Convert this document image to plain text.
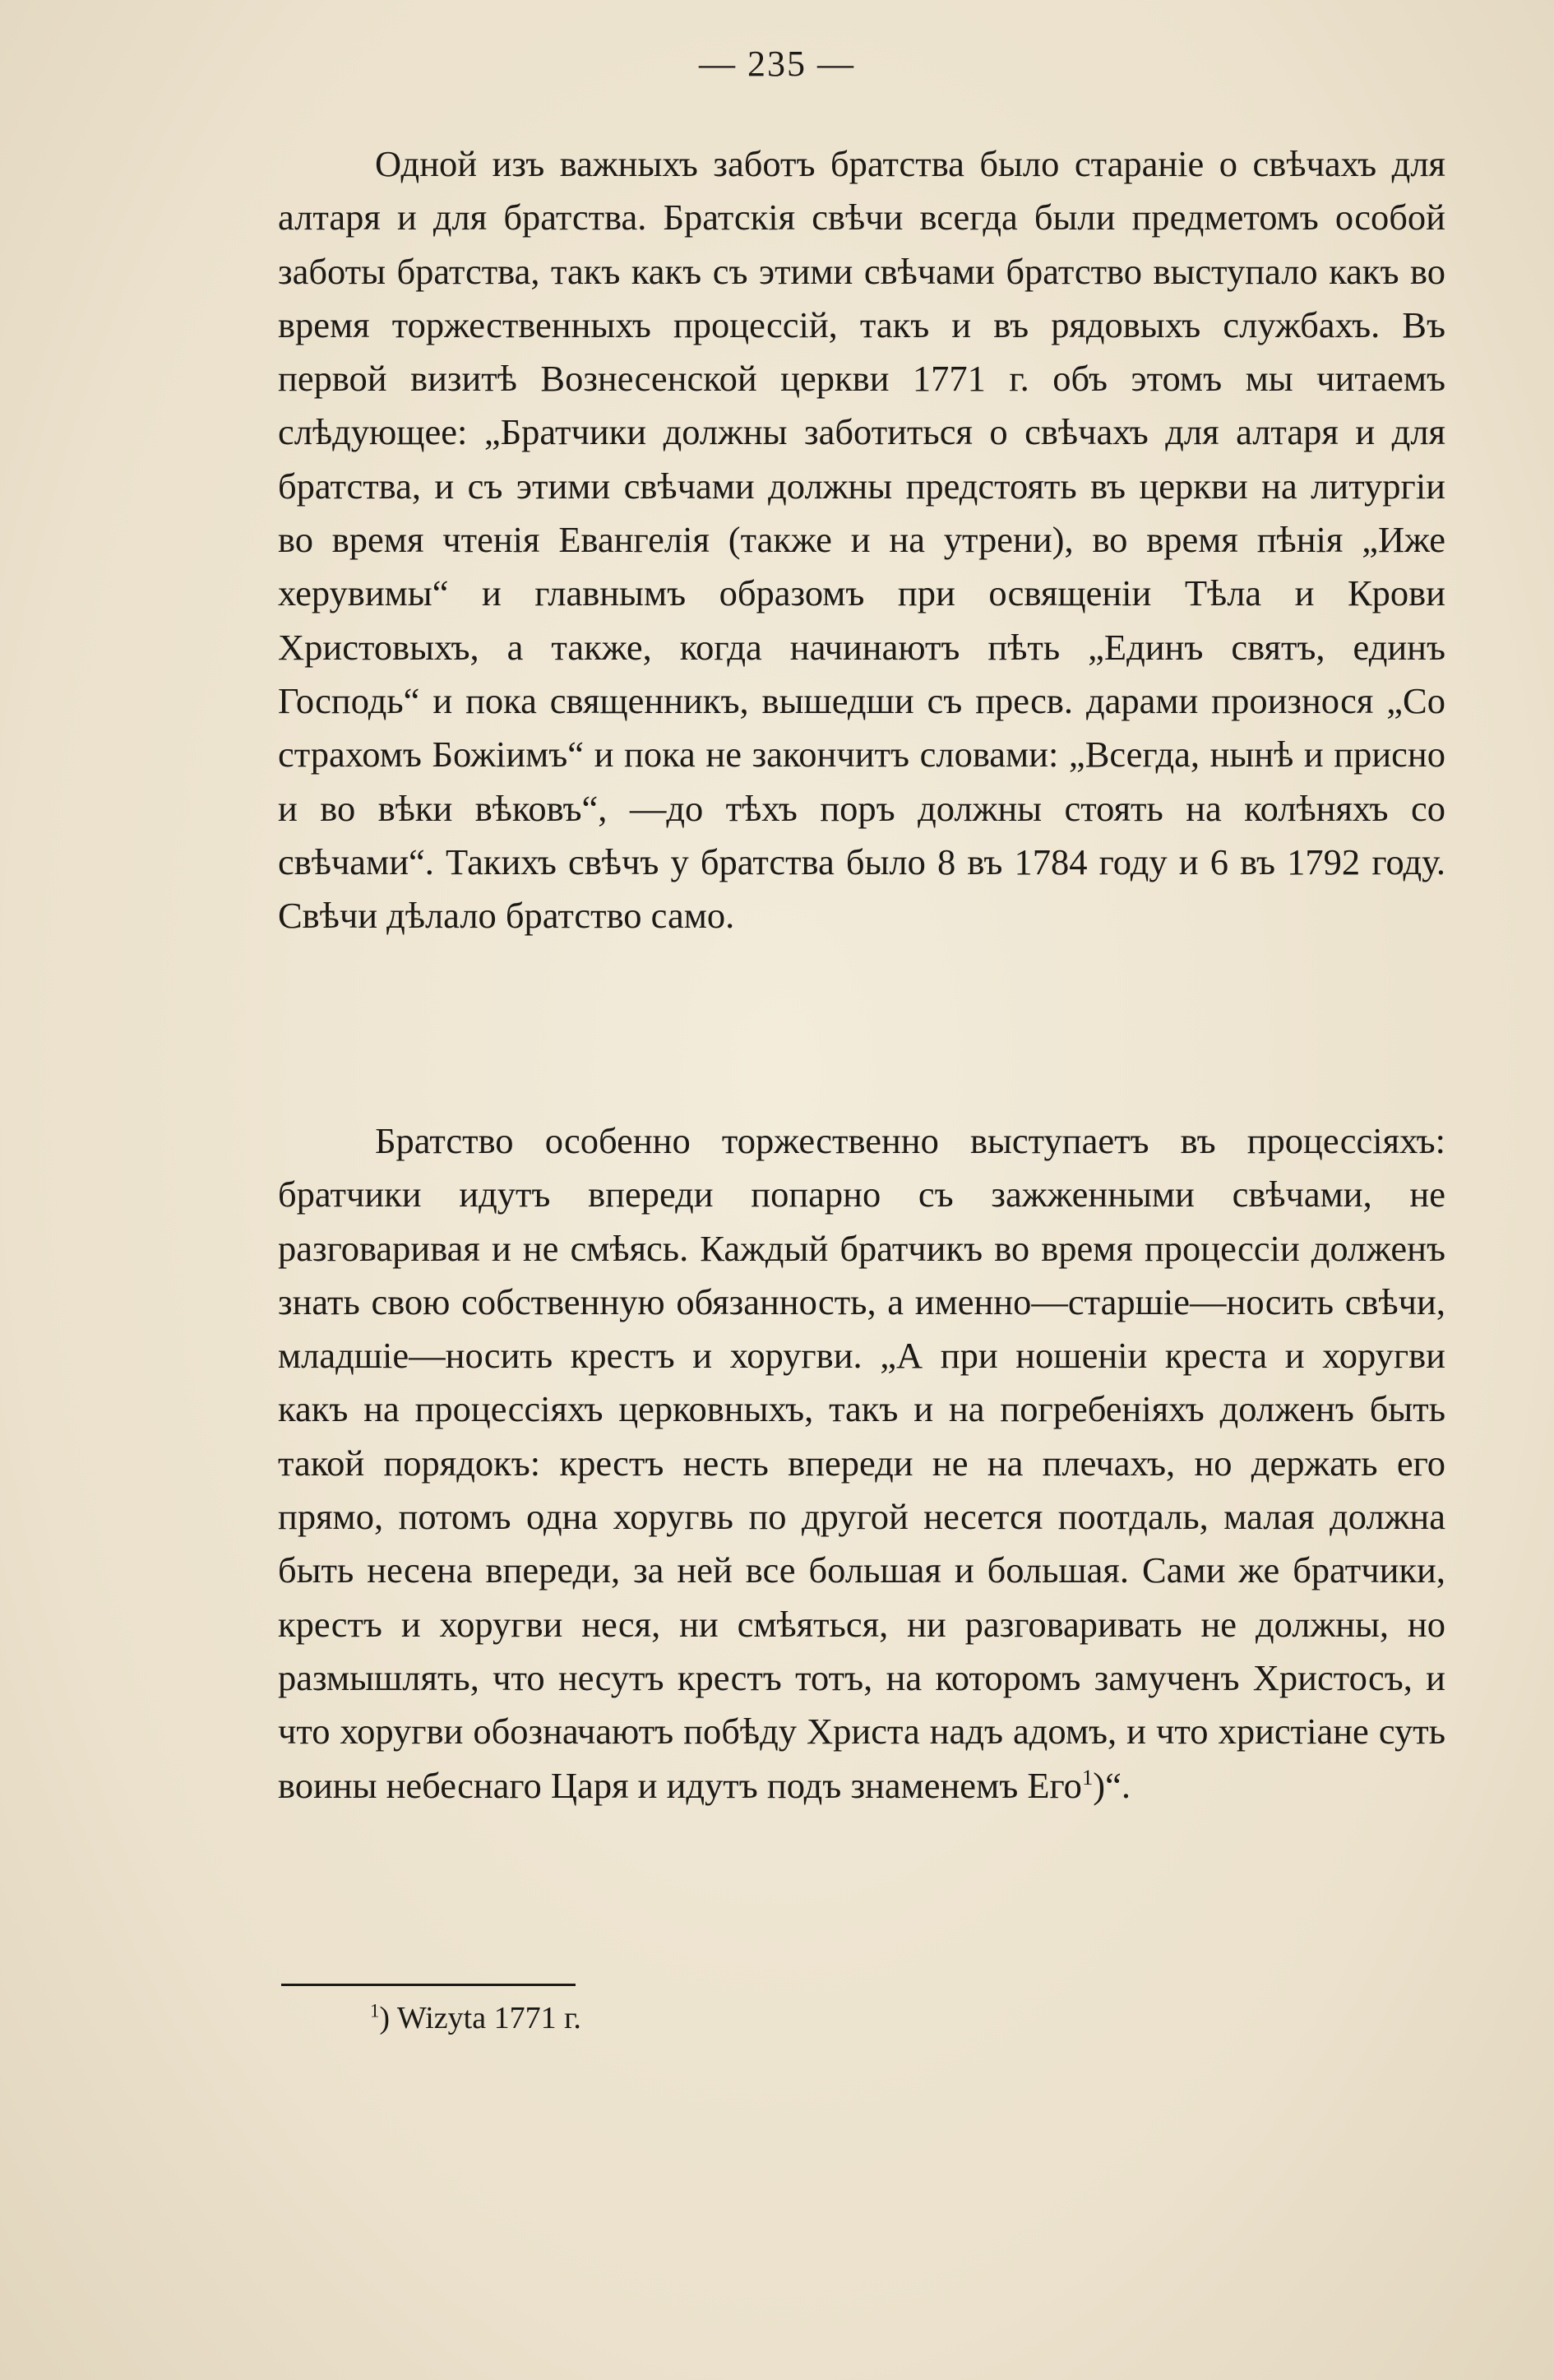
— 235 —

Одной изъ важныхъ заботъ братства было стараніе о свѣчахъ для алтаря и для братства. Братскія свѣчи всегда были предметомъ особой заботы братства, такъ какъ съ этими свѣчами братство выступало какъ во время торжественныхъ процессій, такъ и въ рядовыхъ службахъ. Въ первой визитѣ Вознесенской церкви 1771 г. объ этомъ мы читаемъ слѣдующее: „Братчики должны заботиться о свѣчахъ для алтаря и для братства, и съ этими свѣчами должны предстоять въ церкви на литургіи во время чтенія Евангелія (также и на утрени), во время пѣнія „Иже херувимы“ и главнымъ образомъ при освященіи Тѣла и Крови Христовыхъ, а также, когда начинаютъ пѣть „Единъ святъ, единъ Господь“ и пока священникъ, вышедши съ пресв. дарами произнося „Со страхомъ Божіимъ“ и пока не закончитъ словами: „Всегда, нынѣ и присно и во вѣки вѣковъ“, —до тѣхъ поръ должны стоять на колѣняхъ со свѣчами“. Такихъ свѣчъ у братства было 8 въ 1784 году и 6 въ 1792 году. Свѣчи дѣлало братство само.

Братство особенно торжественно выступаетъ въ процессіяхъ: братчики идутъ впереди попарно съ зажженными свѣчами, не разговаривая и не смѣясь. Каждый братчикъ во время процессіи долженъ знать свою собственную обязанность, а именно—старшіе—носить свѣчи, младшіе—носить крестъ и хоругви. „А при ношеніи креста и хоругви какъ на процессіяхъ церковныхъ, такъ и на погребеніяхъ долженъ быть такой порядокъ: крестъ несть впереди не на плечахъ, но держать его прямо, потомъ одна хоругвь по другой несется поотдаль, малая должна быть несена впереди, за ней все большая и большая. Сами же братчики, крестъ и хоругви неся, ни смѣяться, ни разговаривать не должны, но размышлять, что несутъ крестъ тотъ, на которомъ замученъ Христосъ, и что хоругви обозначаютъ побѣду Христа надъ адомъ, и что христіане суть воины небеснаго Царя и идутъ подъ знаменемъ Его$^1$)“.

$^1$) Wizyta 1771 г.
